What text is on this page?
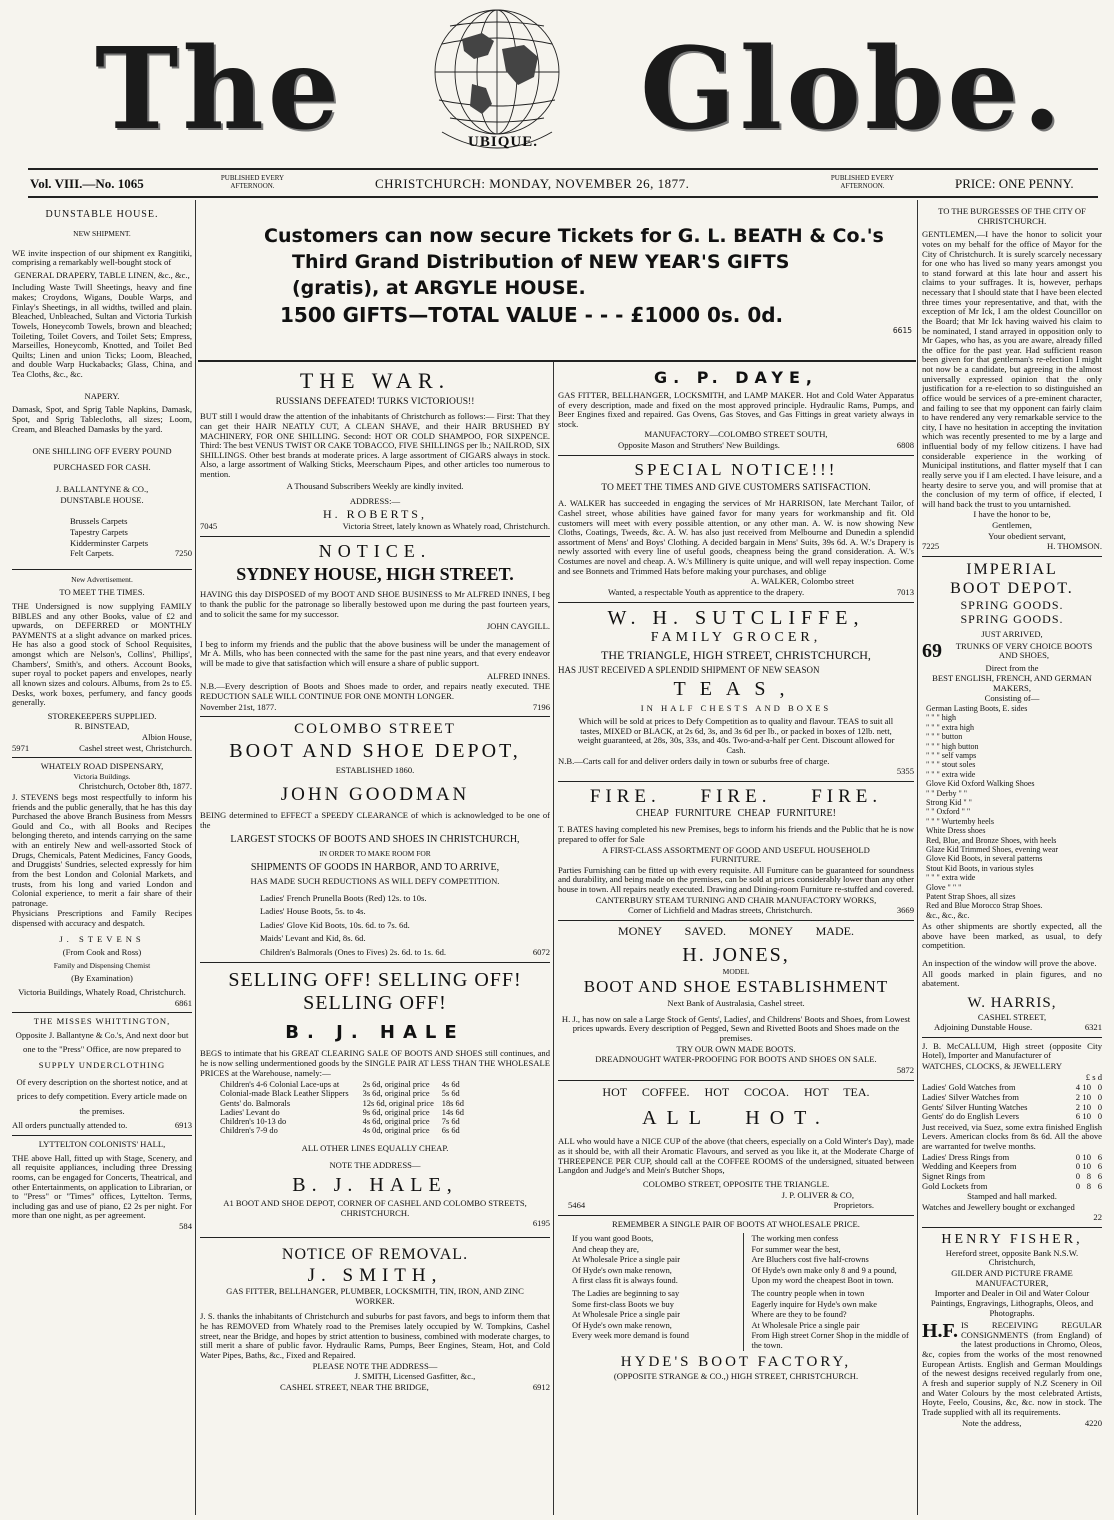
The	UBIQUE. Globe.
Vol. VIII.—No. 1065	PUBLISHED EVERY AFTERNOON.	CHRISTCHURCH: MONDAY, NOVEMBER 26, 1877.	PUBLISHED EVERY AFTERNOON.	PRICE: ONE PENNY.

DUNSTABLE HOUSE.

NEW SHIPMENT.

WE invite inspection of our shipment ex Rangitiki, comprising a remarkably well-bought stock of

GENERAL DRAPERY, TABLE LINEN, &c., &c.,

Including Waste Twill Sheetings, heavy and fine makes; Croydons, Wigans, Double Warps, and Finlay's Sheetings, in all widths, twilled and plain. Bleached, Unbleached, Sultan and Victoria Turkish Towels, Honeycomb Towels, brown and bleached; Toileting, Toilet Covers, and Toilet Sets; Empress, Marseilles, Honeycomb, Knotted, and Toilet Bed Quilts; Linen and union Ticks; Loom, Bleached, and double Warp Huckabacks; Glass, China, and Tea Cloths, &c., &c.

NAPERY.

Damask, Spot, and Sprig Table Napkins, Damask, Spot, and Sprig Tablecloths, all sizes; Loom, Cream, and Bleached Damasks by the yard.

ONE SHILLING OFF EVERY POUND PURCHASED FOR CASH.

J. BALLANTYNE & CO.,

DUNSTABLE HOUSE.

Brussels Carpets

Tapestry Carpets

Kidderminster Carpets

Felt Carpets.	7250

New Advertisement.

TO MEET THE TIMES.

THE Undersigned is now supplying FAMILY BIBLES and any other Books, value of £2 and upwards, on DEFERRED or MONTHLY PAYMENTS at a slight advance on marked prices. He has also a good stock of School Requisites, amongst which are Nelson's, Collins', Phillips', Chambers', Smith's, and others. Account Books, super royal to pocket papers and envelopes, nearly all known sizes and colours. Albums, from 2s to £5. Desks, work boxes, perfumery, and fancy goods generally.

STOREKEEPERS SUPPLIED.

R. BINSTEAD,

Albion House,

5971	Cashel street west, Christchurch.

WHATELY ROAD DISPENSARY,

Victoria Buildings.

Christchurch, October 8th, 1877.

J. STEVENS begs most respectfully to inform his friends and the public generally, that he has this day Purchased the above Branch Business from Messrs Gould and Co., with all Books and Recipes belonging thereto, and intends carrying on the same with an entirely New and well-assorted Stock of Drugs, Chemicals, Patent Medicines, Fancy Goods, and Druggists' Sundries, selected expressly for him from the best London and Colonial Markets, and trusts, from his long and varied London and Colonial experience, to merit a fair share of their patronage.

Physicians Prescriptions and Family Recipes dispensed with accuracy and despatch.

J. STEVENS

(From Cook and Ross)

Family and Dispensing Chemist

(By Examination)

Victoria Buildings, Whately Road, Christchurch.

6861

THE MISSES WHITTINGTON,

Opposite J. Ballantyne & Co.'s, And next door but one to the "Press" Office, are now prepared to

SUPPLY UNDERCLOTHING

Of every description on the shortest notice, and at prices to defy competition. Every article made on the premises.

All orders punctually attended to.	6913

LYTTELTON COLONISTS' HALL,

THE above Hall, fitted up with Stage, Scenery, and all requisite appliances, including three Dressing rooms, can be engaged for Concerts, Theatrical, and other Entertainments, on application to Librarian, or to "Press" or "Times" offices, Lyttelton. Terms, including gas and use of piano, £2 2s per night. For more than one night, as per agreement.

584

Customers can now secure Tickets for G. L. BEATH & Co.'s

Third Grand Distribution of NEW YEAR'S GIFTS

(gratis), at ARGYLE HOUSE.

1500 GIFTS—TOTAL VALUE - - - £1000 0s. 0d.

6615

THE WAR.

RUSSIANS DEFEATED! TURKS VICTORIOUS!!

BUT still I would draw the attention of the inhabitants of Christchurch as follows:— First: That they can get their HAIR NEATLY CUT, A CLEAN SHAVE, and their HAIR BRUSHED BY MACHINERY, FOR ONE SHILLING. Second: HOT OR COLD SHAMPOO, FOR SIXPENCE. Third: The best VENUS TWIST OR CAKE TOBACCO, FIVE SHILLINGS per lb.; NAILROD, SIX SHILLINGS. Other best brands at moderate prices. A large assortment of CIGARS always in stock. Also, a large assortment of Walking Sticks, Meerschaum Pipes, and other articles too numerous to mention.

A Thousand Subscribers Weekly are kindly invited.

ADDRESS:—

H. ROBERTS,

7045	Victoria Street, lately known as Whately road, Christchurch.

NOTICE.

SYDNEY HOUSE, HIGH STREET.

HAVING this day DISPOSED of my BOOT AND SHOE BUSINESS to Mr ALFRED INNES, I beg to thank the public for the patronage so liberally bestowed upon me during the past fourteen years, and to solicit the same for my successor.

JOHN CAYGILL.

I beg to inform my friends and the public that the above business will be under the management of Mr A. Mills, who has been connected with the same for the past nine years, and that every endeavor will be made to give that satisfaction which will ensure a share of public support.

ALFRED INNES.

N.B.—Every description of Boots and Shoes made to order, and repairs neatly executed. THE REDUCTION SALE WILL CONTINUE FOR ONE MONTH LONGER.

November 21st, 1877.	7196

COLOMBO STREET

BOOT AND SHOE DEPOT,

ESTABLISHED 1860.

JOHN GOODMAN

BEING determined to EFFECT a SPEEDY CLEARANCE of which is acknowledged to be one of the

LARGEST STOCKS OF BOOTS AND SHOES IN CHRISTCHURCH,

IN ORDER TO MAKE ROOM FOR

SHIPMENTS OF GOODS IN HARBOR, AND TO ARRIVE,

HAS MADE SUCH REDUCTIONS AS WILL DEFY COMPETITION.

Ladies' French Prunella Boots (Red) 12s. to 10s.

Ladies' House Boots, 5s. to 4s.

Ladies' Glove Kid Boots, 10s. 6d. to 7s. 6d.

Maids' Levant and Kid, 8s. 6d.

Children's Balmorals (Ones to Fives) 2s. 6d. to 1s. 6d.	6072

SELLING OFF! SELLING OFF! SELLING OFF!

B. J. HALE

BEGS to intimate that his GREAT CLEARING SALE OF BOOTS AND SHOES still continues, and he is now selling undermentioned goods by the SINGLE PAIR AT LESS THAN THE WHOLESALE PRICES at the Warehouse, namely:—

Children's 4-6 Colonial Lace-ups at	2s 6d, original price	4s 6d
Colonial-made Black Leather Slippers	3s 6d, original price	5s 6d
Gents' do. Balmorals	12s 6d, original price	18s 6d
Ladies' Levant do	9s 6d, original price	14s 6d
Children's 10-13 do	4s 6d, original price	7s 6d
Children's 7-9 do	4s 0d, original price	6s 6d

ALL OTHER LINES EQUALLY CHEAP.

NOTE THE ADDRESS—

B. J. HALE,

A1 BOOT AND SHOE DEPOT, CORNER OF CASHEL AND COLOMBO STREETS, CHRISTCHURCH.

6195

NOTICE OF REMOVAL.

J. SMITH,

GAS FITTER, BELLHANGER, PLUMBER, LOCKSMITH, TIN, IRON, AND ZINC WORKER.

J. S. thanks the inhabitants of Christchurch and suburbs for past favors, and begs to inform them that he has REMOVED from Whately road to the Premises lately occupied by W. Tompkins, Cashel street, near the Bridge, and hopes by strict attention to business, combined with moderate charges, to still merit a share of public favor. Hydraulic Rams, Pumps, Beer Engines, Steam, Hot, and Cold Water Pipes, Baths, &c., Fixed and Repaired.

PLEASE NOTE THE ADDRESS—

J. SMITH, Licensed Gasfitter, &c.,

CASHEL STREET, NEAR THE BRIDGE,	6912

G. P. DAYE,

GAS FITTER, BELLHANGER, LOCKSMITH, and LAMP MAKER. Hot and Cold Water Apparatus of every description, made and fixed on the most approved principle. Hydraulic Rams, Pumps, and Beer Engines fixed and repaired. Gas Ovens, Gas Stoves, and Gas Fittings in great variety always in stock.

MANUFACTORY—COLOMBO STREET SOUTH,

Opposite Mason and Struthers' New Buildings.	6808

SPECIAL NOTICE!!!

TO MEET THE TIMES AND GIVE CUSTOMERS SATISFACTION.

A. WALKER has succeeded in engaging the services of Mr HARRISON, late Merchant Tailor, of Cashel street, whose abilities have gained favor for many years for workmanship and fit. Old customers will meet with every possible attention, or any other man. A. W. is now showing New Cloths, Coatings, Tweeds, &c. A. W. has also just received from Melbourne and Dunedin a splendid assortment of Mens' and Boys' Clothing. A decided bargain in Mens' Suits, 39s 6d. A. W.'s Drapery is newly assorted with every line of useful goods, cheapness being the grand consideration. A. W.'s Costumes are novel and cheap. A. W.'s Millinery is quite unique, and will well repay inspection. Come and see Bonnets and Trimmed Hats before making your purchases, and oblige

A. WALKER, Colombo street

Wanted, a respectable Youth as apprentice to the drapery.	7013

W. H. SUTCLIFFE,

FAMILY GROCER,

THE TRIANGLE, HIGH STREET, CHRISTCHURCH,

HAS JUST RECEIVED A SPLENDID SHIPMENT OF NEW SEASON

TEAS,

IN HALF CHESTS AND BOXES

Which will be sold at prices to Defy Competition as to quality and flavour. TEAS to suit all tastes, MIXED or BLACK, at 2s 6d, 3s, and 3s 6d per lb., or packed in boxes of 12lb. nett, weight guaranteed, at 28s, 30s, 33s, and 40s. Two-and-a-half per Cent. Discount allowed for Cash.

N.B.—Carts call for and deliver orders daily in town or suburbs free of charge.

5355

FIRE. FIRE. FIRE.

CHEAP FURNITURE CHEAP FURNITURE!

T. BATES having completed his new Premises, begs to inform his friends and the Public that he is now prepared to offer for Sale

A FIRST-CLASS ASSORTMENT OF GOOD AND USEFUL HOUSEHOLD FURNITURE.

Parties Furnishing can be fitted up with every requisite. All Furniture can be guaranteed for soundness and durability, and being made on the premises, can be sold at prices considerably lower than any other house in town. All repairs neatly executed. Drawing and Dining-room Furniture re-stuffed and covered.

CANTERBURY STEAM TURNING AND CHAIR MANUFACTORY WORKS,

Corner of Lichfield and Madras streets, Christchurch.	3669

MONEY SAVED. MONEY MADE.

H. JONES,

MODEL

BOOT AND SHOE ESTABLISHMENT

Next Bank of Australasia, Cashel street.

H. J., has now on sale a Large Stock of Gents', Ladies', and Childrens' Boots and Shoes, from Lowest prices upwards. Every description of Pegged, Sewn and Rivetted Boots and Shoes made on the premises.

TRY OUR OWN MADE BOOTS.

DREADNOUGHT WATER-PROOFING FOR BOOTS AND SHOES ON SALE.

5872

HOT COFFEE. HOT COCOA. HOT TEA.

ALL HOT.

ALL who would have a NICE CUP of the above (that cheers, especially on a Cold Winter's Day), made as it should be, with all their Aromatic Flavours, and served as you like it, at the Moderate Charge of THREEPENCE PER CUP, should call at the COFFEE ROOMS of the undersigned, situated between Langdon and Judge's and Mein's Butcher Shops,

COLOMBO STREET, OPPOSITE THE TRIANGLE.

J. P. OLIVER & CO,

5464	Proprietors.

REMEMBER A SINGLE PAIR OF BOOTS AT WHOLESALE PRICE.

If you want good Boots,

And cheap they are,

At Wholesale Price a single pair

Of Hyde's own make renown,

A first class fit is always found.

The Ladies are beginning to say

Some first-class Boots we buy

At Wholesale Price a single pair

Of Hyde's own make renown,

Every week more demand is found

The working men confess

For summer wear the best,

Are Bluchers cost five half-crowns

Of Hyde's own make only 8 and 9 a pound,

Upon my word the cheapest Boot in town.

The country people when in town

Eagerly inquire for Hyde's own make

Where are they to be found?

At Wholesale Price a single pair

From High street Corner Shop in the middle of the town.

HYDE'S BOOT FACTORY,

(OPPOSITE STRANGE & CO.,) HIGH STREET, CHRISTCHURCH.

TO THE BURGESSES OF THE CITY OF CHRISTCHURCH.

GENTLEMEN,—I have the honor to solicit your votes on my behalf for the office of Mayor for the City of Christchurch. It is surely scarcely necessary for one who has lived so many years amongst you to stand forward at this late hour and assert his claims to your suffrages. It is, however, perhaps necessary that I should state that I have been elected three times your representative, and that, with the exception of Mr Ick, I am the oldest Councillor on the Board; that Mr Ick having waived his claim to be nominated, I stand arrayed in opposition only to Mr Gapes, who has, as you are aware, already filled the office for the past year. Had sufficient reason been given for that gentleman's re-election I might not now be a candidate, but agreeing in the almost universally expressed opinion that the only justification for a re-election to so distinguished an office would be services of a pre-eminent character, and failing to see that my opponent can fairly claim to have rendered any very remarkable service to the city, I have no hesitation in accepting the invitation which was recently presented to me by a large and influential body of my fellow citizens. I have had considerable experience in the working of Municipal institutions, and flatter myself that I can really serve you if I am elected. I have leisure, and a hearty desire to serve you, and will promise that at the conclusion of my term of office, if elected, I will hand back the trust to you untarnished.

I have the honor to be,

Gentlemen,

Your obedient servant,

7225	H. THOMSON.

IMPERIAL

BOOT DEPOT.

SPRING GOODS.

SPRING GOODS.

JUST ARRIVED,

69	TRUNKS OF VERY CHOICE BOOTS AND SHOES,

Direct from the

BEST ENGLISH, FRENCH, AND GERMAN MAKERS,

Consisting of—

German Lasting Boots, E. sides

" " " high

" " " extra high

" " " button

" " " high button

" " " self vamps

" " " stout soles

" " " extra wide

Glove Kid Oxford Walking Shoes

" " Derby " "

Strong Kid " "

" " Oxford " "

" " " Wurtemby heels

White Dress shoes

Red, Blue, and Bronze Shoes, with heels

Glaze Kid Trimmed Shoes, evening wear

Glove Kid Boots, in several patterns

Stout Kid Boots, in various styles

" " " extra wide

Glove " " "

Patent Strap Shoes, all sizes

Red and Blue Morocco Strap Shoes.

&c., &c., &c.

As other shipments are shortly expected, all the above have been marked, as usual, to defy competition.

An inspection of the window will prove the above.

All goods marked in plain figures, and no abatement.

W. HARRIS,

CASHEL STREET,

Adjoining Dunstable House.	6321

J. B. McCALLUM, High street (opposite City Hotel), Importer and Manufacturer of

WATCHES, CLOCKS, & JEWELLERY

£ s d

Ladies' Gold Watches from	4 10 0
Ladies' Silver Watches from	2 10 0
Gents' Silver Hunting Watches	2 10 0
Gents' do do English Levers	6 10 0

Just received, via Suez, some extra finished English Levers. American clocks from 8s 6d. All the above are warranted for twelve months.

Ladies' Dress Rings from	0 10 6
Wedding and Keepers from	0 10 6
Signet Rings from	0 8 6
Gold Lockets from	0 8 6

Stamped and hall marked.

Watches and Jewellery bought or exchanged

22

HENRY FISHER,

Hereford street, opposite Bank N.S.W. Christchurch,

GILDER AND PICTURE FRAME MANUFACTURER,

Importer and Dealer in Oil and Water Colour Paintings, Engravings, Lithographs, Oleos, and Photographs.

H.F. IS RECEIVING REGULAR CONSIGNMENTS (from England) of the latest productions in Chromo, Oleos, &c, copies from the works of the most renowned European Artists. English and German Mouldings of the newest designs received regularly from one, A fresh and superior supply of N.Z Scenery in Oil and Water Colours by the most celebrated Artists, Hoyte, Feelo, Cousins, &c, &c. now in stock. The Trade supplied with all its requirements.

Note the address,	4220
